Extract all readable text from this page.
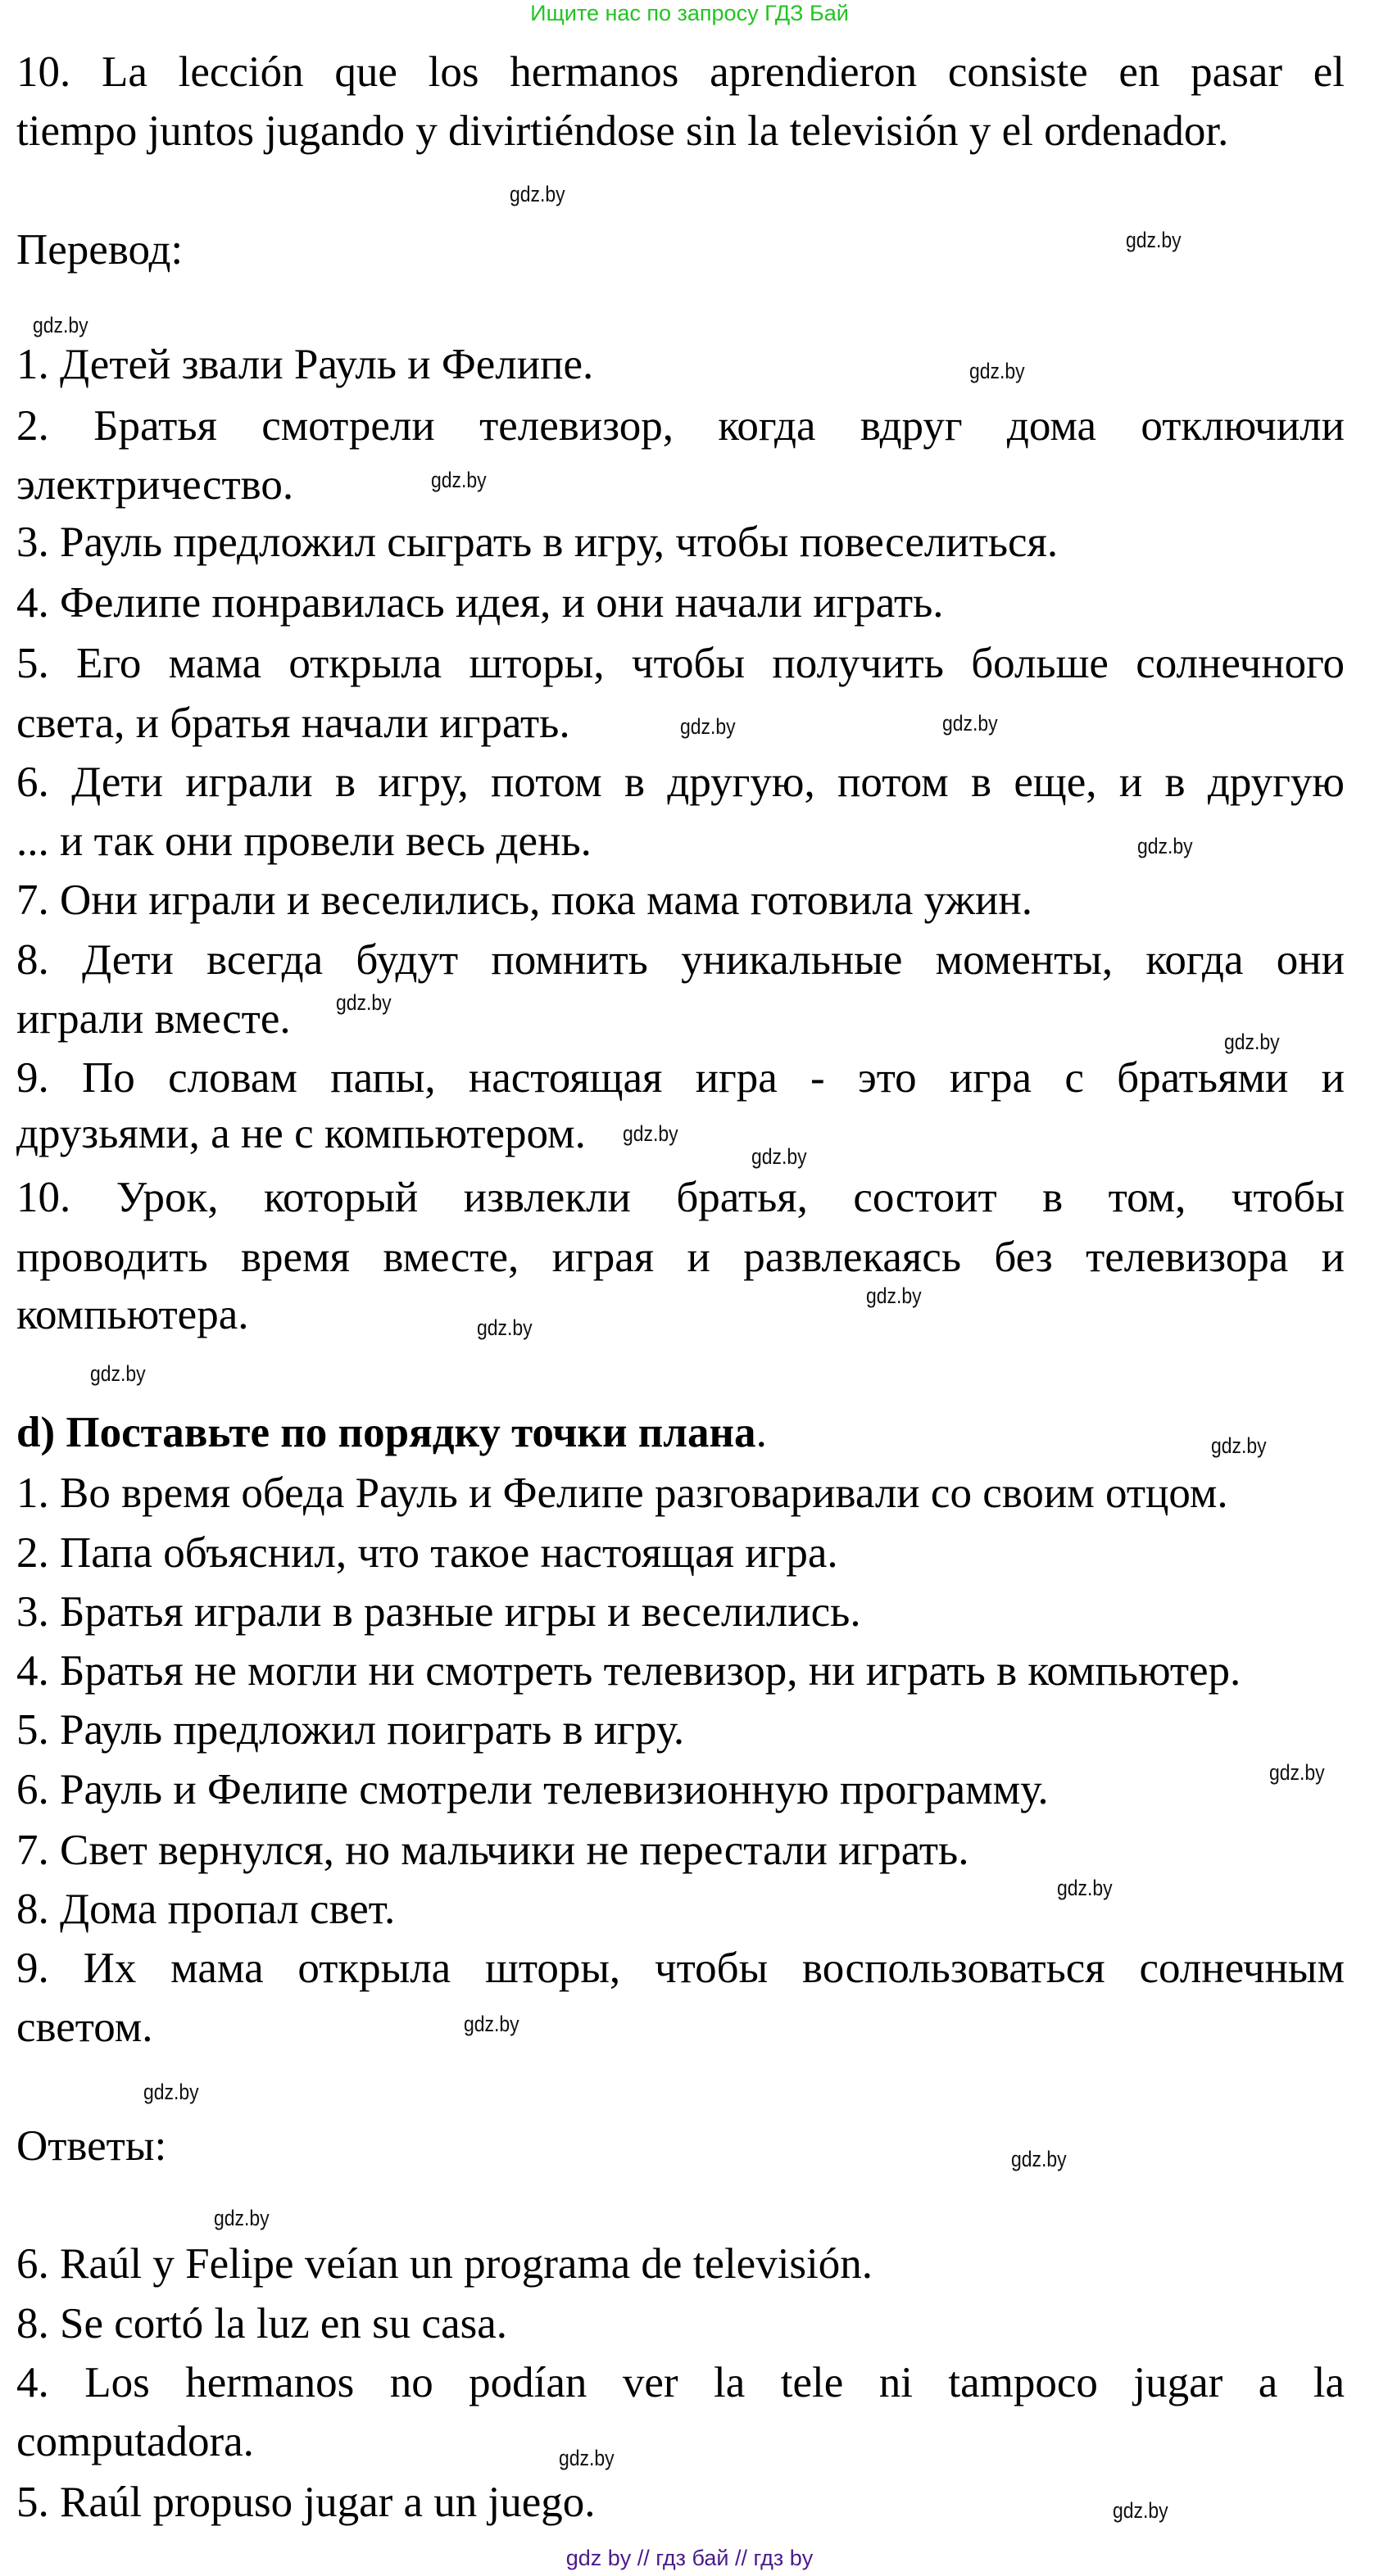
Ищите нас по запросу ГДЗ Бай
d) Поставьте по порядку точки плана.
gdz by // гдз бай // гдз by
10. La lección que los hermanos aprendieron consiste en pasar el
tiempo juntos jugando y divirtiéndose sin la televisión y el ordenador.
Перевод:
1. Детей звали Рауль и Фелипе.
2. Братья смотрели телевизор, когда вдруг дома отключили
электричество.
3. Рауль предложил сыграть в игру, чтобы повеселиться.
4. Фелипе понравилась идея, и они начали играть.
5. Его мама открыла шторы, чтобы получить больше солнечного
света, и братья начали играть.
6. Дети играли в игру, потом в другую, потом в еще, и в другую
... и так они провели весь день.
7. Они играли и веселились, пока мама готовила ужин.
8. Дети всегда будут помнить уникальные моменты, когда они
играли вместе.
9. По словам папы, настоящая игра - это игра с братьями и
друзьями, а не с компьютером.
10. Урок, который извлекли братья, состоит в том, чтобы
проводить время вместе, играя и развлекаясь без телевизора и
компьютера.
1. Во время обеда Рауль и Фелипе разговаривали со своим отцом.
2. Папа объяснил, что такое настоящая игра.
3. Братья играли в разные игры и веселились.
4. Братья не могли ни смотреть телевизор, ни играть в компьютер.
5. Рауль предложил поиграть в игру.
6. Рауль и Фелипе смотрели телевизионную программу.
7. Свет вернулся, но мальчики не перестали играть.
8. Дома пропал свет.
9. Их мама открыла шторы, чтобы воспользоваться солнечным
светом.
Ответы:
6. Raúl y Felipe veían un programa de televisión.
8. Se cortó la luz en su casa.
4. Los hermanos no podían ver la tele ni tampoco jugar a la
computadora.
5. Raúl propuso jugar a un juego.
gdz.by
gdz.by
gdz.by
gdz.by
gdz.by
gdz.by
gdz.by
gdz.by
gdz.by
gdz.by
gdz.by
gdz.by
gdz.by
gdz.by
gdz.by
gdz.by
gdz.by
gdz.by
gdz.by
gdz.by
gdz.by
gdz.by
gdz.by
gdz.by
